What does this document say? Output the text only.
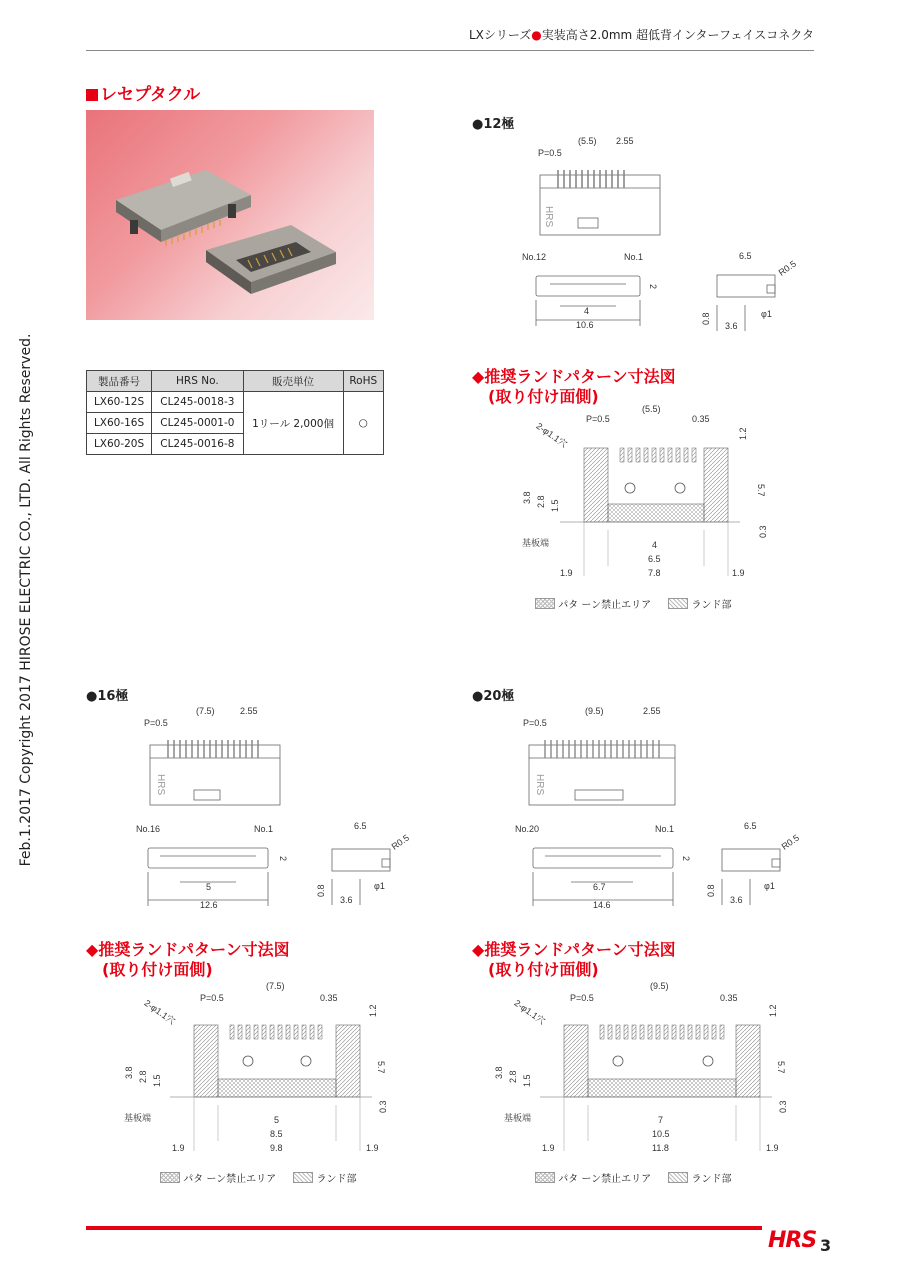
LXシリーズ●実装高さ2.0mm 超低背インターフェイスコネクタ
Feb.1.2017 Copyright 2017 HIROSE ELECTRIC CO., LTD. All Rights Reserved.
レセプタクル
製品番号	HRS No.	販売単位	RoHS
LX60-12S	CL245-0018-3	1リール 2,000個	○
LX60-16S	CL245-0001-0		
LX60-20S	CL245-0016-8		
●12極
●16極	●20極
P=0.5
(5.5) 2.55
HRS
No.12	No.1
2
4
10.6
6.5
R0.5
0.8
3.6
φ1
◆推奨ランドパターン寸法図
(取り付け面側)
P=0.5
(5.5)
0.35
2-φ1.1穴	1.2
5.7
3.8 2.8 1.5
0.3
基板端	4
6.5
7.8
1.9	1.9
パタ ーン禁止エリア	ランド部
P=0.5
(7.5)	2.55
HRS
No.16	No.1
2
5
12.6
6.5
R0.5
0.8
3.6
φ1
◆推奨ランドパターン寸法図
(取り付け面側)
P=0.5
(7.5)
0.35
2-φ1.1穴	1.2
5.7
3.8 2.8 1.5
0.3
基板端	5
8.5
9.8
1.9	1.9
パタ ーン禁止エリア	ランド部
P=0.5
(9.5)	2.55
HRS
No.20	No.1
2
6.7
14.6
6.5
R0.5
0.8
3.6
φ1
◆推奨ランドパターン寸法図
(取り付け面側)
P=0.5
(9.5)
0.35
2-φ1.1穴	1.2
5.7
3.8 2.8 1.5
0.3
基板端	7
10.5
11.8
1.9	1.9
パタ ーン禁止エリア	ランド部
HRS 3
